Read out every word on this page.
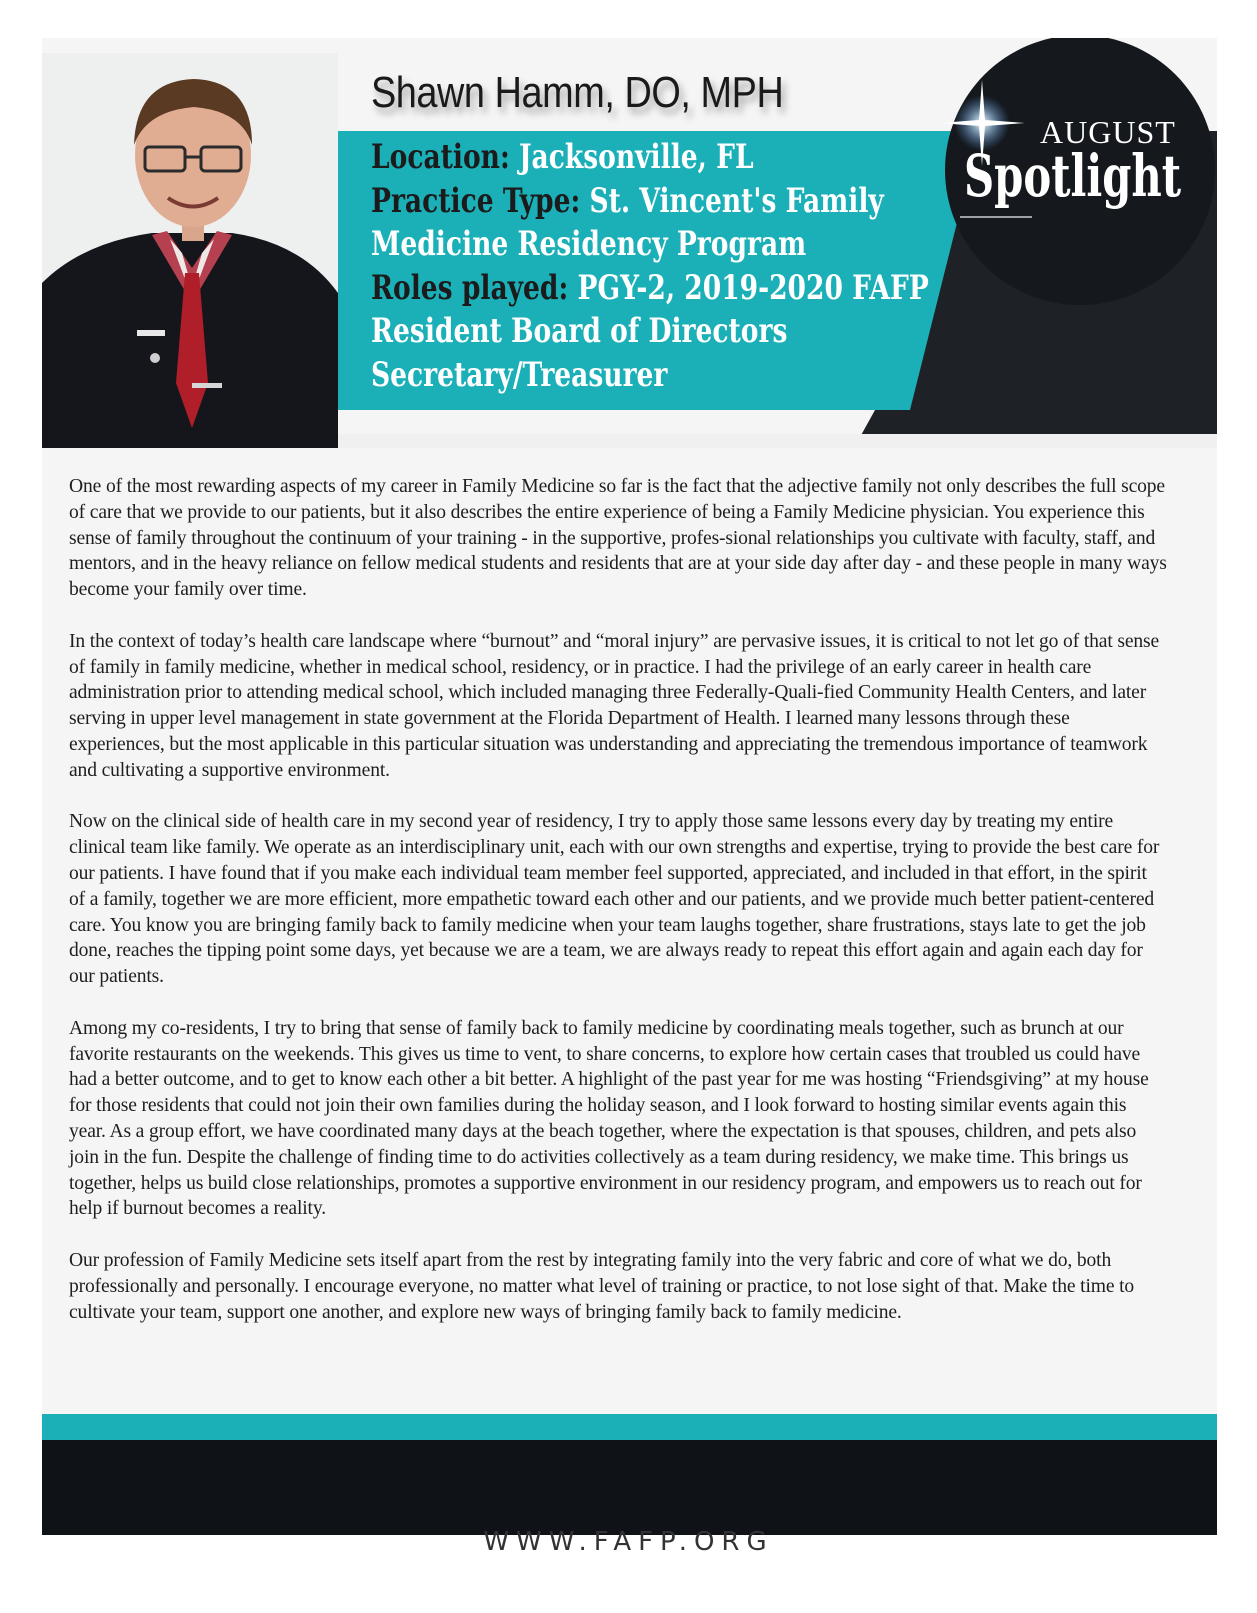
Shawn Hamm, DO, MPH
Location: Jacksonville, FL
Practice Type: St. Vincent's Family
Medicine Residency Program
Roles played: PGY-2, 2019-2020 FAFP
Resident Board of Directors
Secretary/Treasurer
AUGUST
Spotlight

One of the most rewarding aspects of my career in Family Medicine so far is the fact that the adjective family not only describes the full scope of care that we provide to our patients, but it also describes the entire experience of being a Family Medicine physician. You experience this sense of family throughout the continuum of your training - in the supportive, profes-sional relationships you cultivate with faculty, staff, and mentors, and in the heavy reliance on fellow medical students and residents that are at your side day after day - and these people in many ways become your family over time.

In the context of today’s health care landscape where “burnout” and “moral injury” are pervasive issues, it is critical to not let go of that sense of family in family medicine, whether in medical school, residency, or in practice. I had the privilege of an early career in health care administration prior to attending medical school, which included managing three Federally-Quali-fied Community Health Centers, and later serving in upper level management in state government at the Florida Department of Health. I learned many lessons through these experiences, but the most applicable in this particular situation was understanding and appreciating the tremendous importance of teamwork and cultivating a supportive environment.

Now on the clinical side of health care in my second year of residency, I try to apply those same lessons every day by treating my entire clinical team like family. We operate as an interdisciplinary unit, each with our own strengths and expertise, trying to provide the best care for our patients. I have found that if you make each individual team member feel supported, appreciated, and included in that effort, in the spirit of a family, together we are more efficient, more empathetic toward each other and our patients, and we provide much better patient-centered care. You know you are bringing family back to family medicine when your team laughs together, share frustrations, stays late to get the job done, reaches the tipping point some days, yet because we are a team, we are always ready to repeat this effort again and again each day for our patients.

Among my co-residents, I try to bring that sense of family back to family medicine by coordinating meals together, such as brunch at our favorite restaurants on the weekends. This gives us time to vent, to share concerns, to explore how certain cases that troubled us could have had a better outcome, and to get to know each other a bit better. A highlight of the past year for me was hosting “Friendsgiving” at my house for those residents that could not join their own families during the holiday season, and I look forward to hosting similar events again this year. As a group effort, we have coordinated many days at the beach together, where the expectation is that spouses, children, and pets also join in the fun. Despite the challenge of finding time to do activities collectively as a team during residency, we make time. This brings us together, helps us build close relationships, promotes a supportive environment in our residency program, and empowers us to reach out for help if burnout becomes a reality.

Our profession of Family Medicine sets itself apart from the rest by integrating family into the very fabric and core of what we do, both professionally and personally. I encourage everyone, no matter what level of training or practice, to not lose sight of that. Make the time to cultivate your team, support one another, and explore new ways of bringing family back to family medicine.

WWW.FAFP.ORG
